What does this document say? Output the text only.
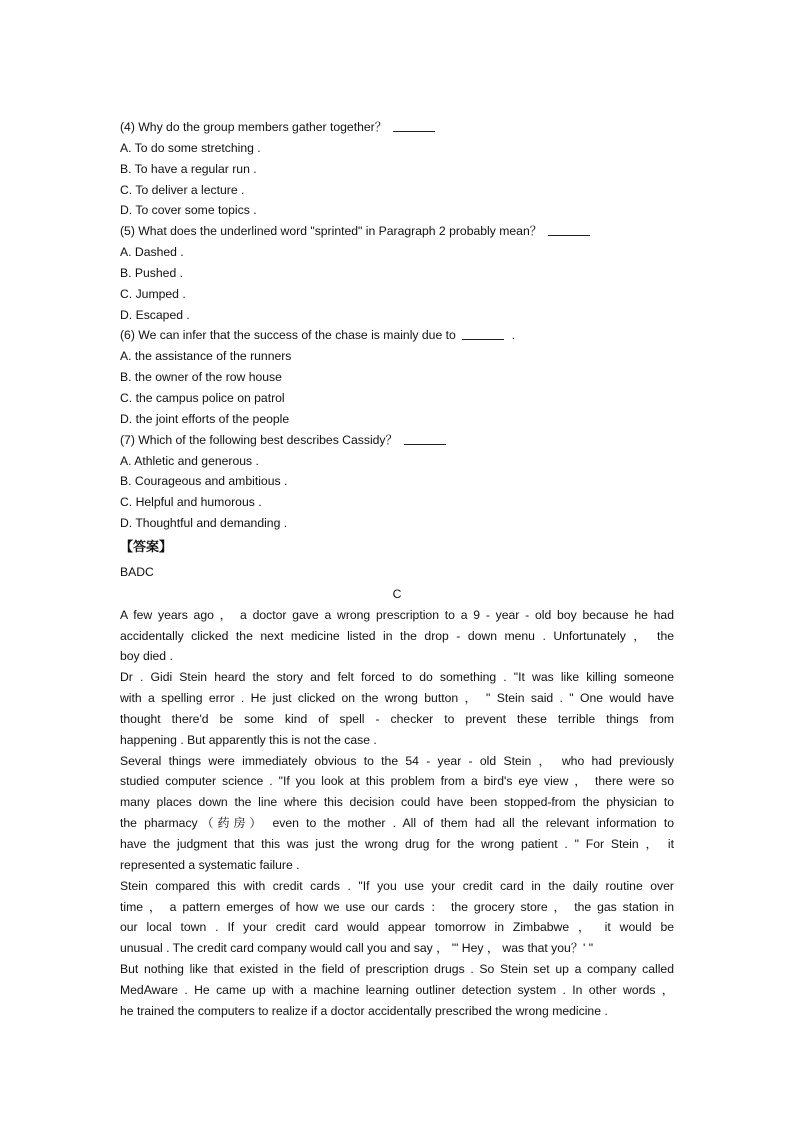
(4) Why do the group members gather together？
A. To do some stretching .
B. To have a regular run .
C. To deliver a lecture .
D. To cover some topics .
(5) What does the underlined word "sprinted" in Paragraph 2 probably mean？
A. Dashed .
B. Pushed .
C. Jumped .
D. Escaped .
(6) We can infer that the success of the chase is mainly due to	.
A. the assistance of the runners
B. the owner of the row house
C. the campus police on patrol
D. the joint efforts of the people
(7) Which of the following best describes Cassidy？
A. Athletic and generous .
B. Courageous and ambitious .
C. Helpful and humorous .
D. Thoughtful and demanding .
【答案】
BADC
C
A few years ago ， a doctor gave a wrong prescription to a 9 - year - old boy because he had
accidentally clicked the next medicine listed in the drop - down menu . Unfortunately ， the
boy died .
Dr . Gidi Stein heard the story and felt forced to do something . "It was like killing someone
with a spelling error . He just clicked on the wrong button ， " Stein said . " One would have
thought there'd be some kind of spell - checker to prevent these terrible things from
happening . But apparently this is not the case .
Several things were immediately obvious to the 54 - year - old Stein ， who had previously
studied computer science . "If you look at this problem from a bird's eye view ， there were so
many places down the line where this decision could have been stopped-from the physician to
the pharmacy（药房） even to the mother . All of them had all the relevant information to
have the judgment that this was just the wrong drug for the wrong patient . " For Stein ， it
represented a systematic failure .
Stein compared this with credit cards . "If you use your credit card in the daily routine over
time ， a pattern emerges of how we use our cards ： the grocery store ， the gas station in
our local town . If your credit card would appear tomorrow in Zimbabwe ， it would be
unusual . The credit card company would call you and say ， '" Hey ， was that you？' "
But nothing like that existed in the field of prescription drugs . So Stein set up a company called
MedAware . He came up with a machine learning outliner detection system . In other words ，
he trained the computers to realize if a doctor accidentally prescribed the wrong medicine .
